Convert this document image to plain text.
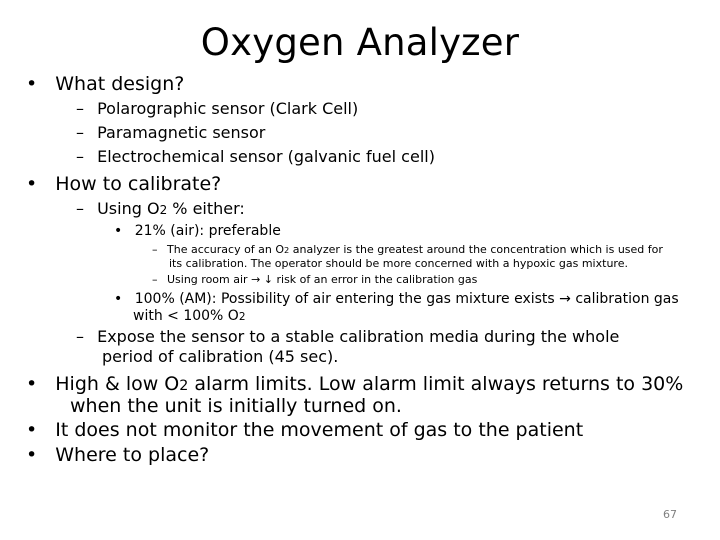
Oxygen Analyzer
• What design?
– Polarographic sensor (Clark Cell)
– Paramagnetic sensor
– Electrochemical sensor (galvanic fuel cell)
• How to calibrate?
– Using O2 % either:
• 21% (air): preferable
– The accuracy of an O2 analyzer is the greatest around the concentration which is used for
its calibration. The operator should be more concerned with a hypoxic gas mixture.
– Using room air → ↓ risk of an error in the calibration gas
• 100% (AM): Possibility of air entering the gas mixture exists → calibration gas
with < 100% O2
– Expose the sensor to a stable calibration media during the whole
period of calibration (45 sec).
• High & low O2 alarm limits. Low alarm limit always returns to 30%
when the unit is initially turned on.
• It does not monitor the movement of gas to the patient
• Where to place?
67
